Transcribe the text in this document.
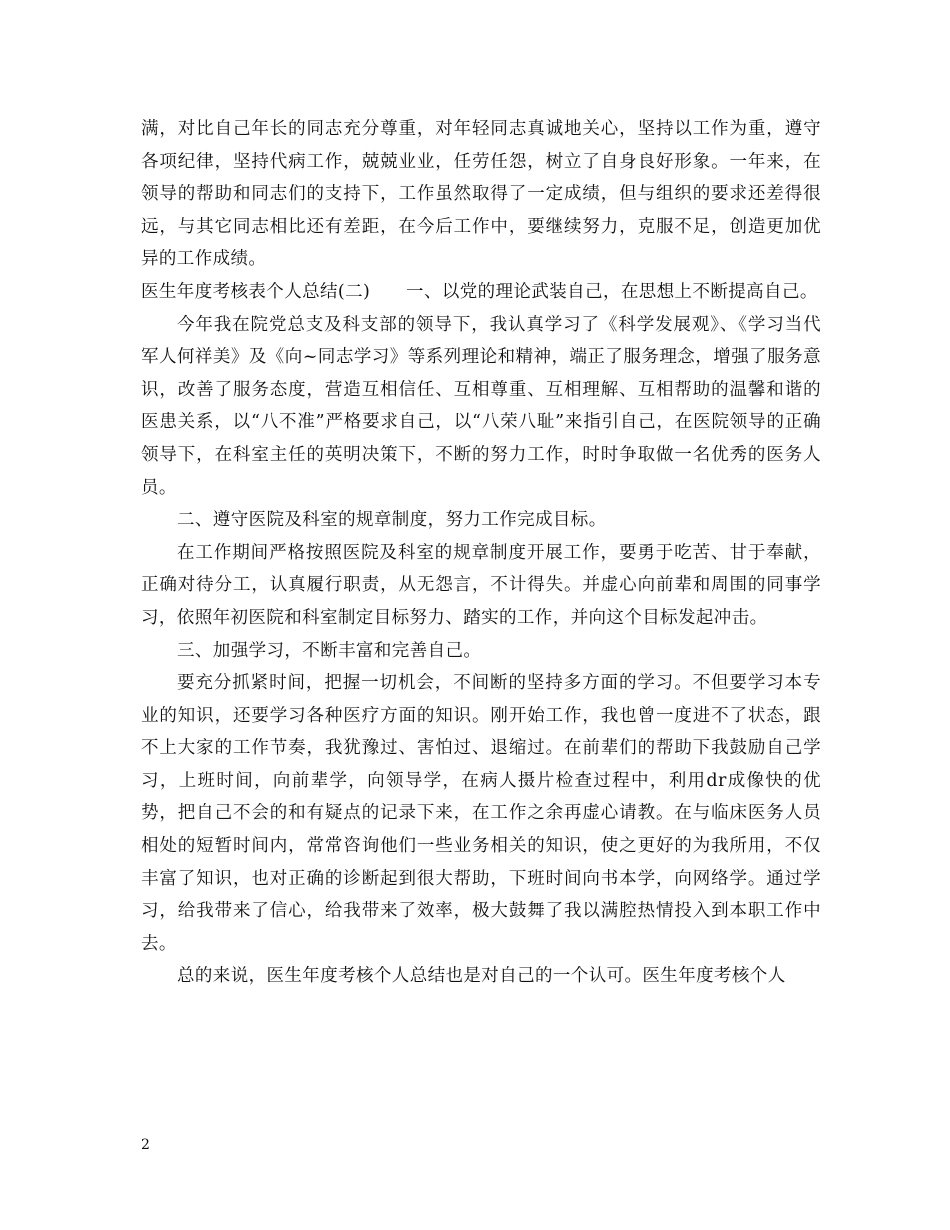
满，对比自己年长的同志充分尊重，对年轻同志真诚地关心，坚持以工作为重，遵守各项纪律，坚持代病工作，兢兢业业，任劳任怨，树立了自身良好形象。一年来，在领导的帮助和同志们的支持下，工作虽然取得了一定成绩，但与组织的要求还差得很远，与其它同志相比还有差距，在今后工作中，要继续努力，克服不足，创造更加优异的工作成绩。

医生年度考核表个人总结(二)　　一、以党的理论武装自己，在思想上不断提高自己。

今年我在院党总支及科支部的领导下，我认真学习了《科学发展观》、《学习当代军人何祥美》及《向~同志学习》等系列理论和精神，端正了服务理念，增强了服务意识，改善了服务态度，营造互相信任、互相尊重、互相理解、互相帮助的温馨和谐的医患关系，以“八不准”严格要求自己，以“八荣八耻”来指引自己，在医院领导的正确领导下，在科室主任的英明决策下，不断的努力工作，时时争取做一名优秀的医务人员。

二、遵守医院及科室的规章制度，努力工作完成目标。

在工作期间严格按照医院及科室的规章制度开展工作，要勇于吃苦、甘于奉献，正确对待分工，认真履行职责，从无怨言，不计得失。并虚心向前辈和周围的同事学习，依照年初医院和科室制定目标努力、踏实的工作，并向这个目标发起冲击。

三、加强学习，不断丰富和完善自己。

要充分抓紧时间，把握一切机会，不间断的坚持多方面的学习。不但要学习本专业的知识，还要学习各种医疗方面的知识。刚开始工作，我也曾一度进不了状态，跟不上大家的工作节奏，我犹豫过、害怕过、退缩过。在前辈们的帮助下我鼓励自己学习，上班时间，向前辈学，向领导学，在病人摄片检查过程中，利用dr成像快的优势，把自己不会的和有疑点的记录下来，在工作之余再虚心请教。在与临床医务人员相处的短暂时间内，常常咨询他们一些业务相关的知识，使之更好的为我所用，不仅丰富了知识，也对正确的诊断起到很大帮助，下班时间向书本学，向网络学。通过学习，给我带来了信心，给我带来了效率，极大鼓舞了我以满腔热情投入到本职工作中去。

总的来说，医生年度考核个人总结也是对自己的一个认可。医生年度考核个人

2
